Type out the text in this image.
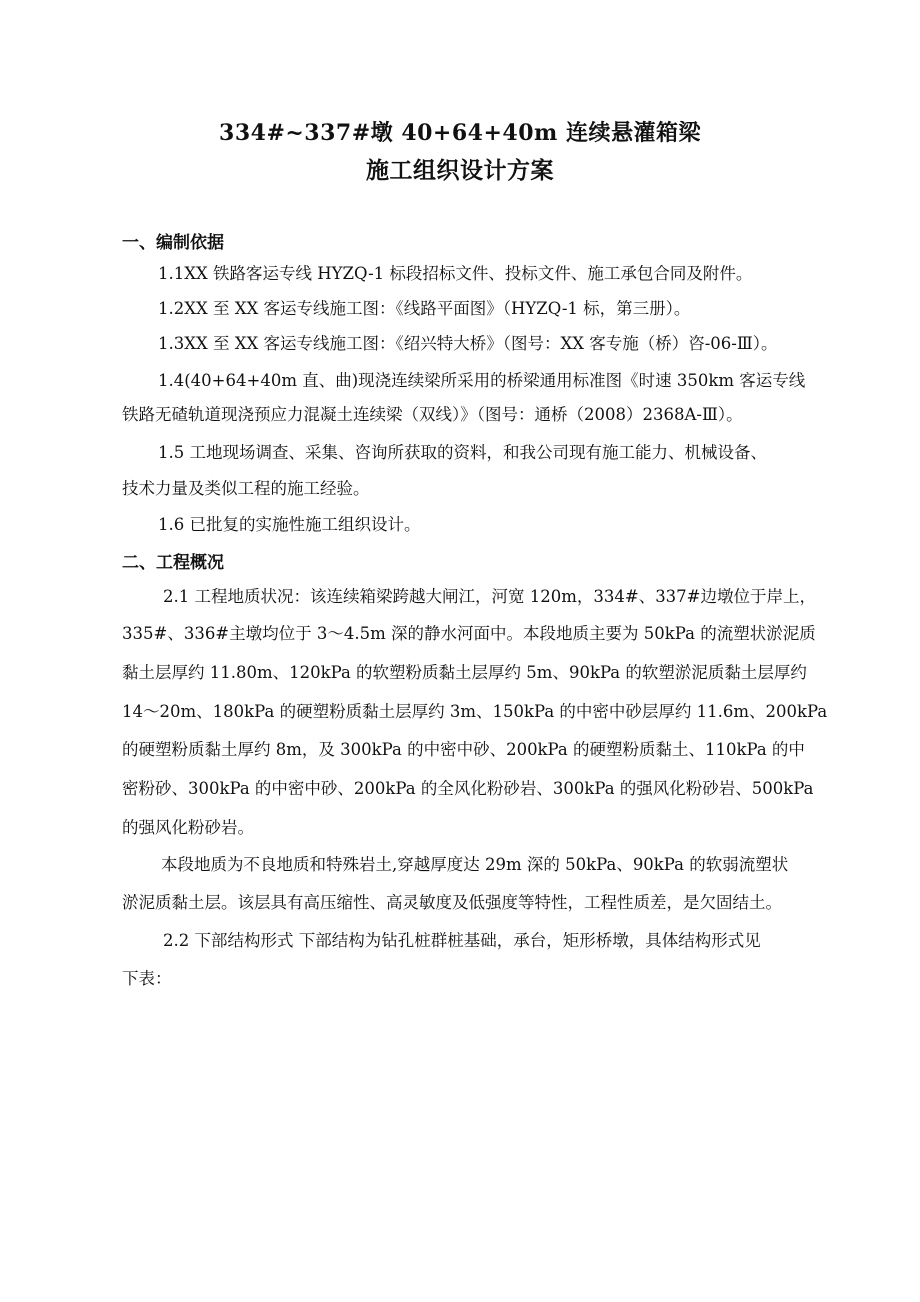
334#~337#墩 40+64+40m 连续悬灌箱梁
施工组织设计方案
一、编制依据
1.1XX 铁路客运专线 HYZQ-1 标段招标文件、投标文件、施工承包合同及附件。
1.2XX 至 XX 客运专线施工图：《线路平面图》（HYZQ-1 标，第三册）。
1.3XX 至 XX 客运专线施工图：《绍兴特大桥》（图号：XX 客专施（桥）咨-06-Ⅲ）。
1.4(40+64+40m 直、曲)现浇连续梁所采用的桥梁通用标准图《时速 350km 客运专线
铁路无碴轨道现浇预应力混凝土连续梁（双线）》（图号：通桥（2008）2368A-Ⅲ）。
1.5 工地现场调查、采集、咨询所获取的资料，和我公司现有施工能力、机械设备、
技术力量及类似工程的施工经验。
1.6 已批复的实施性施工组织设计。
二、工程概况
2.1 工程地质状况：该连续箱梁跨越大闸江，河宽 120m，334#、337#边墩位于岸上，
335#、336#主墩均位于 3～4.5m 深的静水河面中。本段地质主要为 50kPa 的流塑状淤泥质
黏土层厚约 11.80m、120kPa 的软塑粉质黏土层厚约 5m、90kPa 的软塑淤泥质黏土层厚约
14～20m、180kPa 的硬塑粉质黏土层厚约 3m、150kPa 的中密中砂层厚约 11.6m、200kPa
的硬塑粉质黏土厚约 8m，及 300kPa 的中密中砂、200kPa 的硬塑粉质黏土、110kPa 的中
密粉砂、300kPa 的中密中砂、200kPa 的全风化粉砂岩、300kPa 的强风化粉砂岩、500kPa
的强风化粉砂岩。
本段地质为不良地质和特殊岩土,穿越厚度达 29m 深的 50kPa、90kPa 的软弱流塑状
淤泥质黏土层。该层具有高压缩性、高灵敏度及低强度等特性，工程性质差，是欠固结土。
2.2 下部结构形式 下部结构为钻孔桩群桩基础，承台，矩形桥墩，具体结构形式见
下表：
